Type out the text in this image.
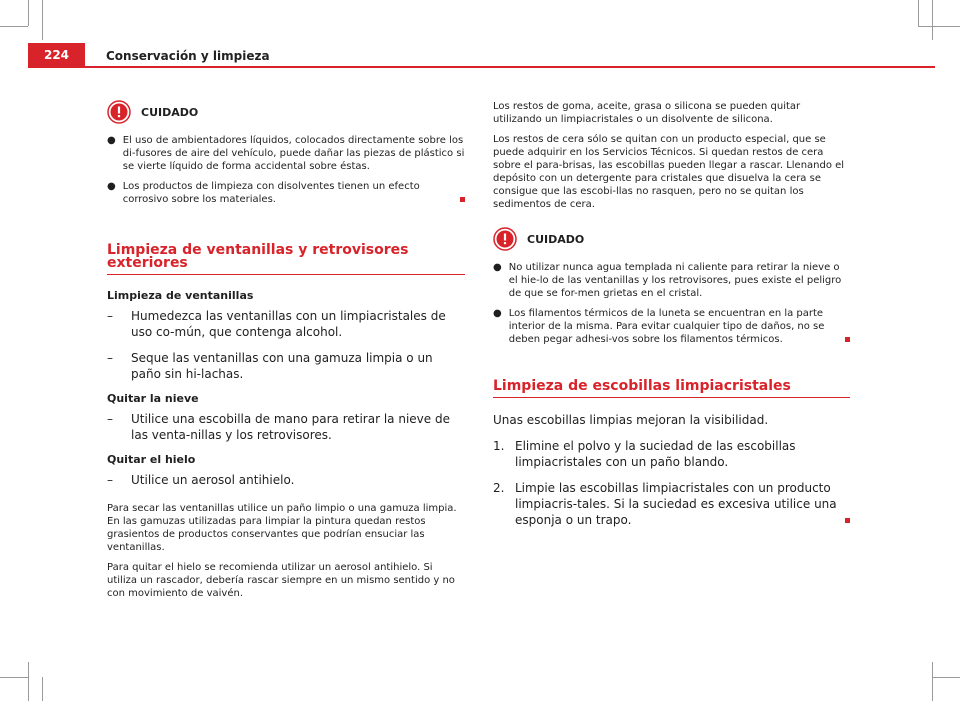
224	Conservación y limpieza
CUIDADO
● El uso de ambientadores líquidos, colocados directamente sobre los di-fusores de aire del vehículo, puede dañar las piezas de plástico si se vierte líquido de forma accidental sobre éstas.
● Los productos de limpieza con disolventes tienen un efecto corrosivo sobre los materiales.
Limpieza de ventanillas y retrovisores exteriores
Limpieza de ventanillas
–	Humedezca las ventanillas con un limpiacristales de uso co-mún, que contenga alcohol.
–	Seque las ventanillas con una gamuza limpia o un paño sin hi-lachas.
Quitar la nieve
–	Utilice una escobilla de mano para retirar la nieve de las venta-nillas y los retrovisores.
Quitar el hielo
–	Utilice un aerosol antihielo.

Para secar las ventanillas utilice un paño limpio o una gamuza limpia. En las gamuzas utilizadas para limpiar la pintura quedan restos grasientos de productos conservantes que podrían ensuciar las ventanillas.

Para quitar el hielo se recomienda utilizar un aerosol antihielo. Si utiliza un rascador, debería rascar siempre en un mismo sentido y no con movimiento de vaivén.

Los restos de goma, aceite, grasa o silicona se pueden quitar utilizando un limpiacristales o un disolvente de silicona.

Los restos de cera sólo se quitan con un producto especial, que se puede adquirir en los Servicios Técnicos. Si quedan restos de cera sobre el para-brisas, las escobillas pueden llegar a rascar. Llenando el depósito con un detergente para cristales que disuelva la cera se consigue que las escobi-llas no rasquen, pero no se quitan los sedimentos de cera.

CUIDADO
● No utilizar nunca agua templada ni caliente para retirar la nieve o el hie-lo de las ventanillas y los retrovisores, pues existe el peligro de que se for-men grietas en el cristal.
● Los filamentos térmicos de la luneta se encuentran en la parte interior de la misma. Para evitar cualquier tipo de daños, no se deben pegar adhesi-vos sobre los filamentos térmicos.
Limpieza de escobillas limpiacristales

Unas escobillas limpias mejoran la visibilidad.

1. Elimine el polvo y la suciedad de las escobillas limpiacristales con un paño blando.
2. Limpie las escobillas limpiacristales con un producto limpiacris-tales. Si la suciedad es excesiva utilice una esponja o un trapo.
